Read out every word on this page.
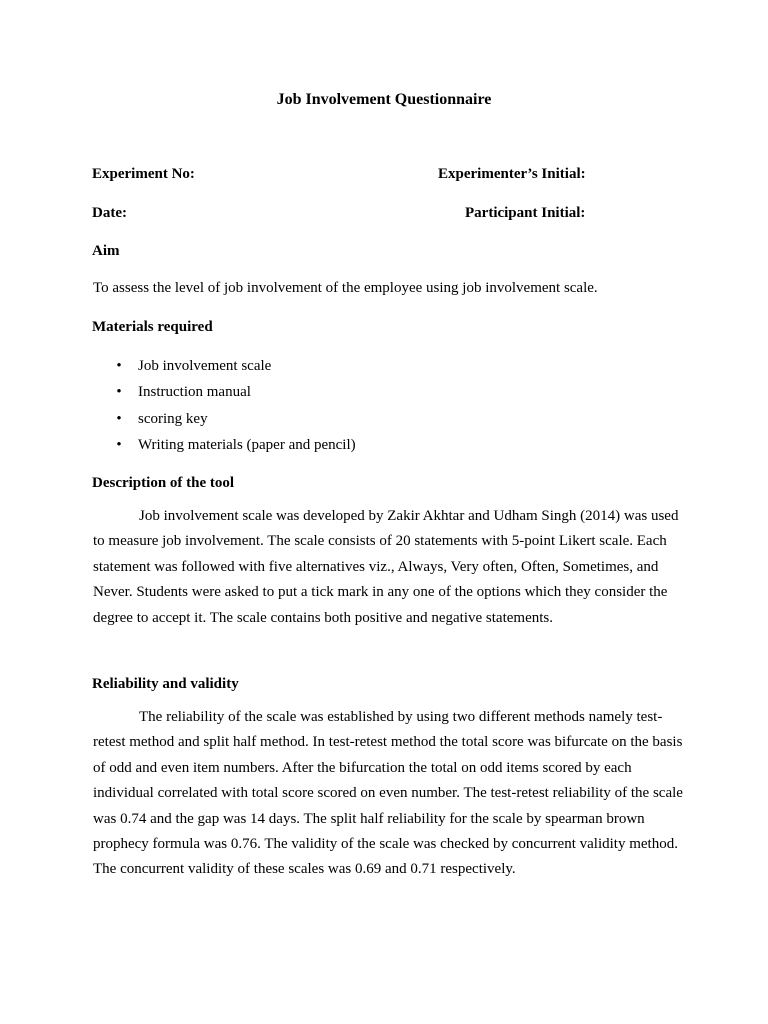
Job Involvement Questionnaire

Experiment No:	Experimenter’s Initial:

Date:	Participant Initial:

Aim

To assess the level of job involvement of the employee using job involvement scale.

Materials required
• Job involvement scale
• Instruction manual
• scoring key
• Writing materials (paper and pencil)
Description of the tool

Job involvement scale was developed by Zakir Akhtar and Udham Singh (2014) was used to measure job involvement. The scale consists of 20 statements with 5-point Likert scale. Each statement was followed with five alternatives viz., Always, Very often, Often, Sometimes, and Never. Students were asked to put a tick mark in any one of the options which they consider the degree to accept it. The scale contains both positive and negative statements.

Reliability and validity

The reliability of the scale was established by using two different methods namely test-retest method and split half method. In test-retest method the total score was bifurcate on the basis of odd and even item numbers. After the bifurcation the total on odd items scored by each individual correlated with total score scored on even number. The test-retest reliability of the scale was 0.74 and the gap was 14 days. The split half reliability for the scale by spearman brown prophecy formula was 0.76. The validity of the scale was checked by concurrent validity method. The concurrent validity of these scales was 0.69 and 0.71 respectively.
